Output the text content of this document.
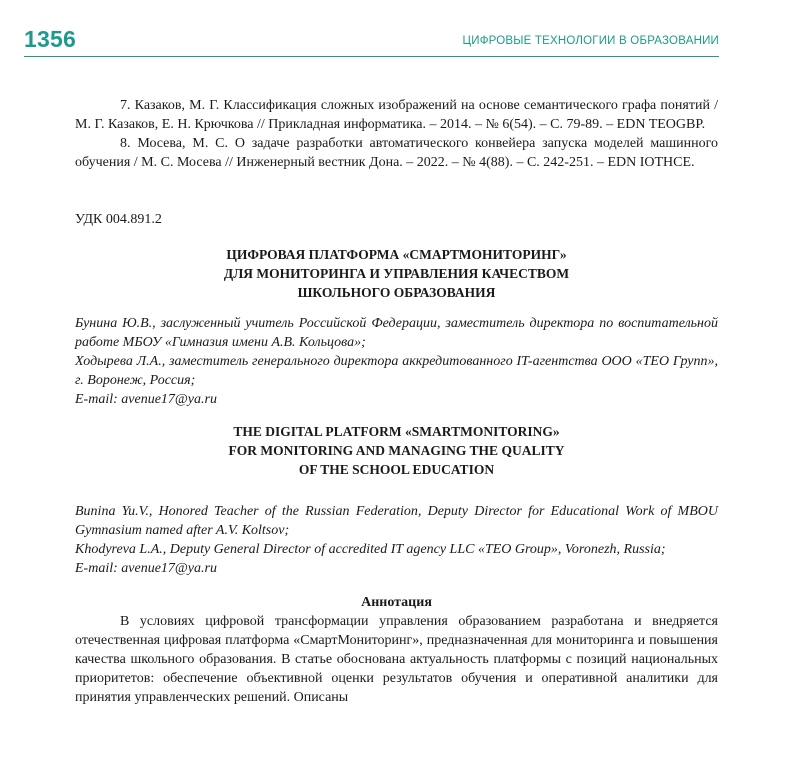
1356	ЦИФРОВЫЕ ТЕХНОЛОГИИ В ОБРАЗОВАНИИ

7. Казаков, М. Г. Классификация сложных изображений на основе семантического графа понятий / М. Г. Казаков, Е. Н. Крючкова // Прикладная информатика. – 2014. – № 6(54). – С. 79-89. – EDN TEOGBP.

8. Мосева, М. С. О задаче разработки автоматического конвейера запуска моделей машинного обучения / М. С. Мосева // Инженерный вестник Дона. – 2022. – № 4(88). – С. 242-251. – EDN IOTHCE.

УДК 004.891.2

ЦИФРОВАЯ ПЛАТФОРМА «СМАРТМОНИТОРИНГ»
ДЛЯ МОНИТОРИНГА И УПРАВЛЕНИЯ КАЧЕСТВОМ
ШКОЛЬНОГО ОБРАЗОВАНИЯ

Бунина Ю.В., заслуженный учитель Российской Федерации, заместитель директора по воспитательной работе МБОУ «Гимназия имени А.В. Кольцова»;

Ходырева Л.А., заместитель генерального директора аккредитованного IT-агентства ООО «ТЕО Групп», г. Воронеж, Россия;

E-mail: avenue17@ya.ru

THE DIGITAL PLATFORM «SMARTMONITORING»
FOR MONITORING AND MANAGING THE QUALITY
OF THE SCHOOL EDUCATION

Bunina Yu.V., Honored Teacher of the Russian Federation, Deputy Director for Educational Work of MBOU Gymnasium named after A.V. Koltsov;

Khodyreva L.A., Deputy General Director of accredited IT agency LLC «TEO Group», Voronezh, Russia;

E-mail: avenue17@ya.ru

Аннотация

В условиях цифровой трансформации управления образованием разработана и внедряется отечественная цифровая платформа «СмартМониторинг», предназначенная для мониторинга и повышения качества школьного образования. В статье обоснована актуальность платформы с позиций национальных приоритетов: обеспечение объективной оценки результатов обучения и оперативной аналитики для принятия управленческих решений. Описаны
